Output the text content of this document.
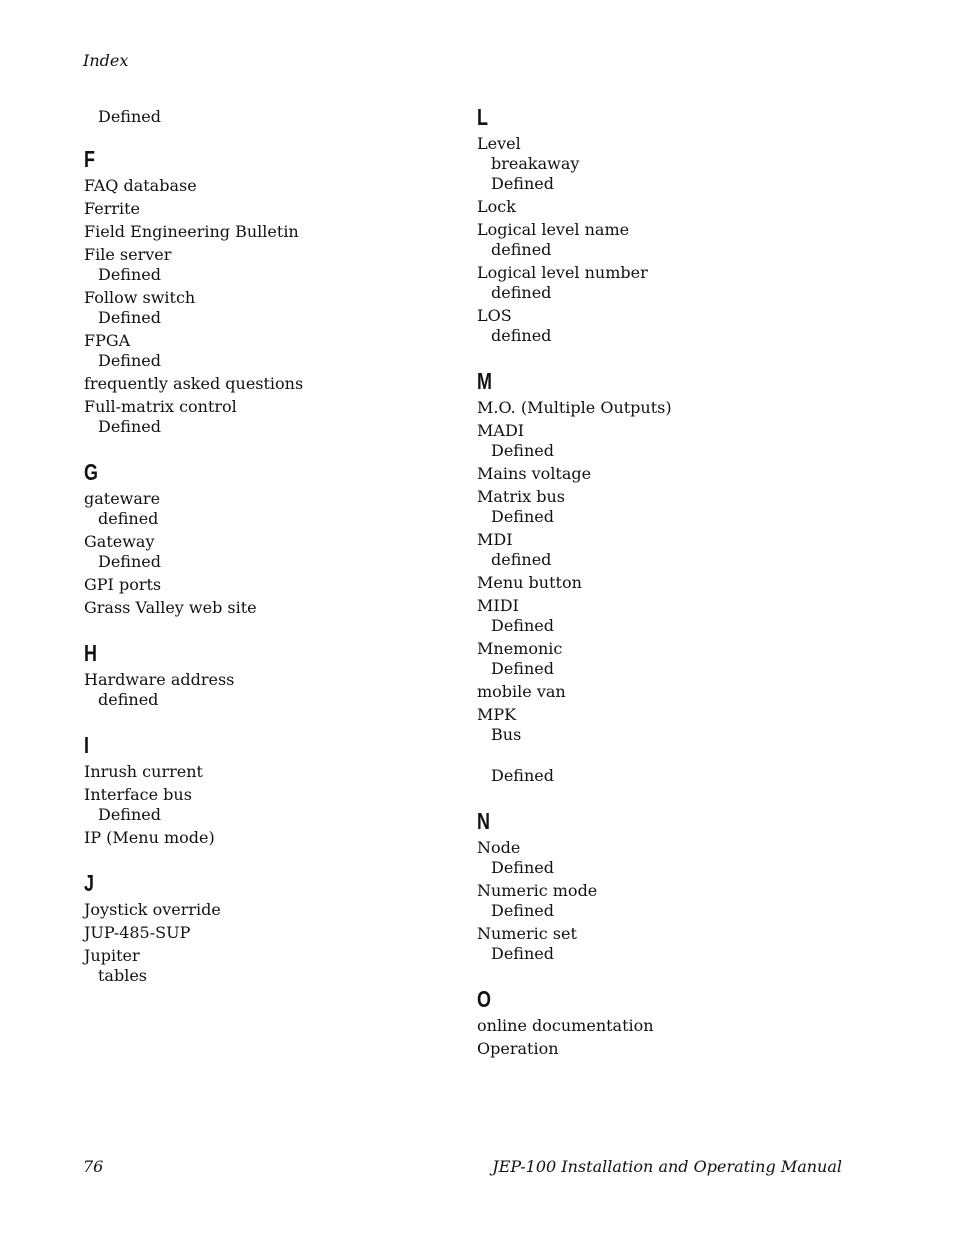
Index
Defined
F
FAQ database
Ferrite
Field Engineering Bulletin
File server
Defined
Follow switch
Defined
FPGA
Defined
frequently asked questions
Full-matrix control
Defined
G
gateware
defined
Gateway
Defined
GPI ports
Grass Valley web site
H
Hardware address
defined
I
Inrush current
Interface bus
Defined
IP (Menu mode)
J
Joystick override
JUP-485-SUP
Jupiter
tables
L
Level
breakaway
Defined
Lock
Logical level name
defined
Logical level number
defined
LOS
defined
M
M.O. (Multiple Outputs)
MADI
Defined
Mains voltage
Matrix bus
Defined
MDI
defined
Menu button
MIDI
Defined
Mnemonic
Defined
mobile van
MPK
Bus
Defined
N
Node
Defined
Numeric mode
Defined
Numeric set
Defined
O
online documentation
Operation
76	JEP-100 Installation and Operating Manual
